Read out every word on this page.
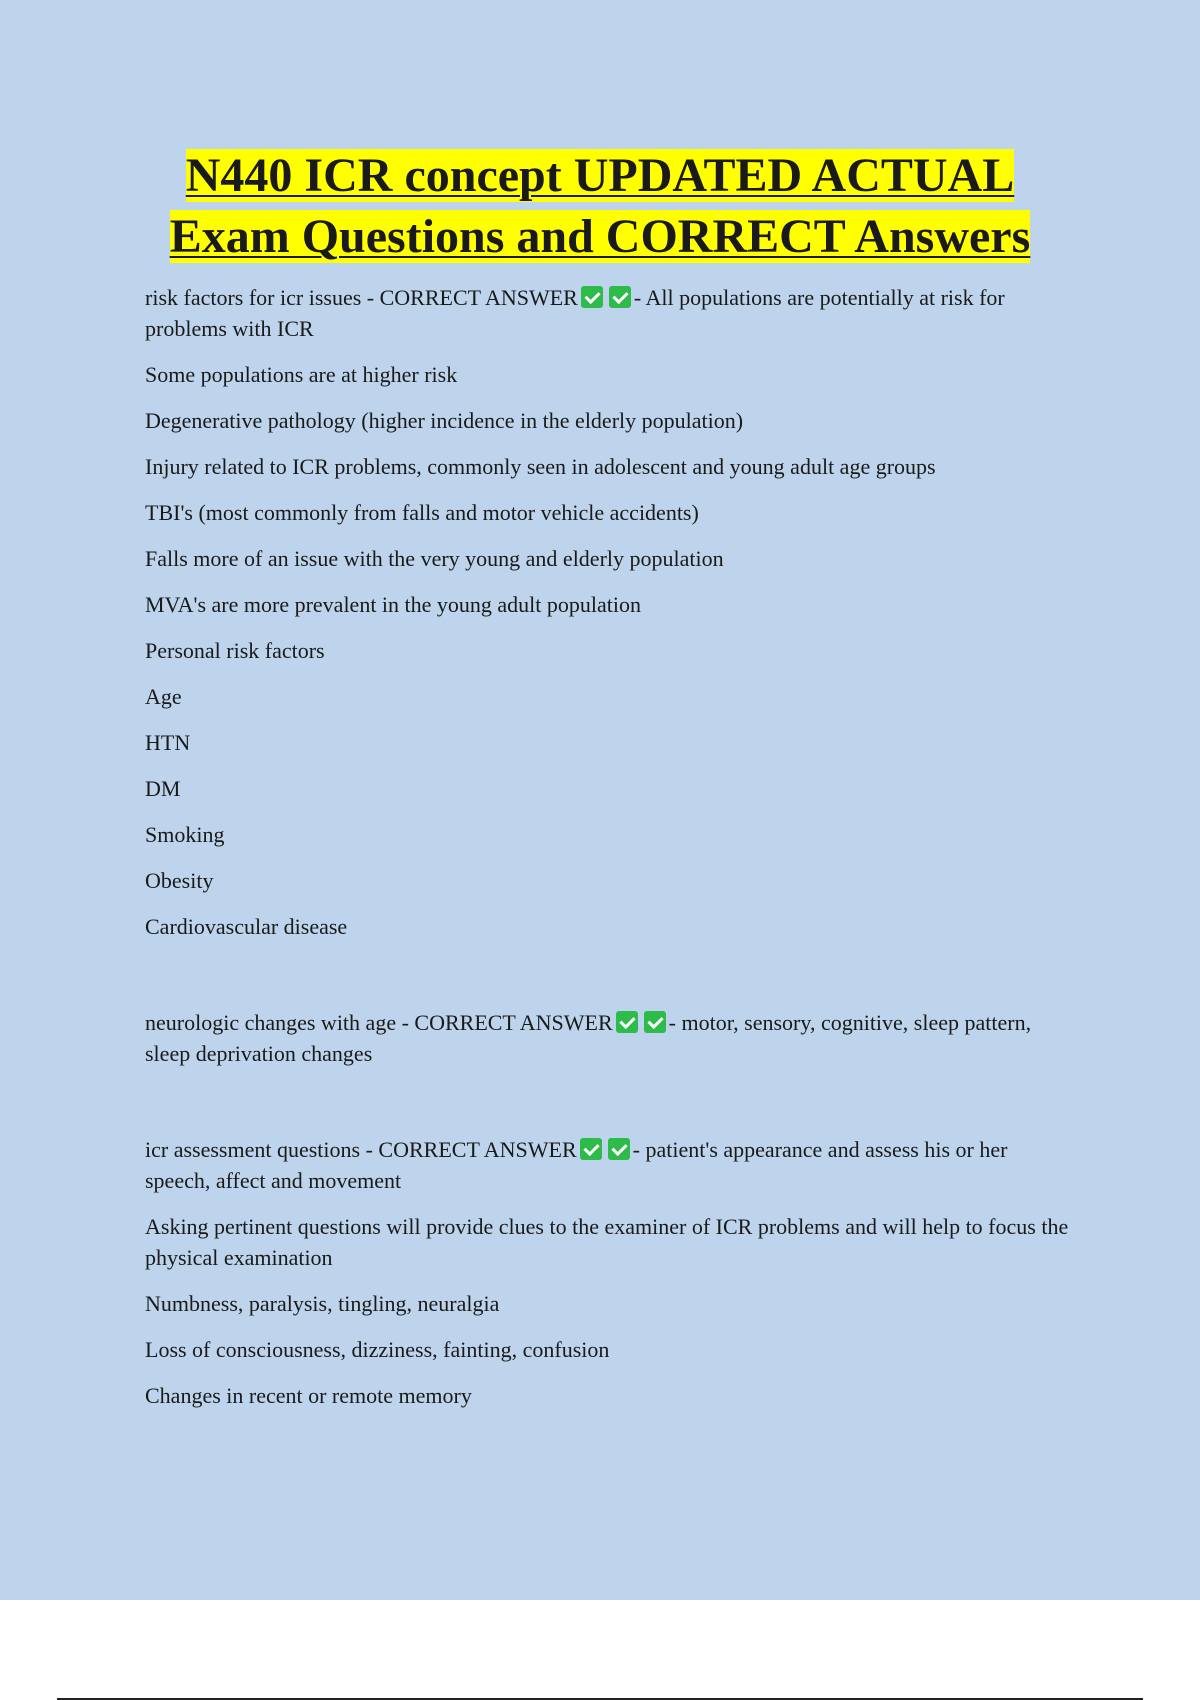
N440 ICR concept UPDATED ACTUAL
Exam Questions and CORRECT Answers

risk factors for icr issues - CORRECT ANSWER	- All populations are potentially at risk for problems with ICR

Some populations are at higher risk

Degenerative pathology (higher incidence in the elderly population)

Injury related to ICR problems, commonly seen in adolescent and young adult age groups

TBI's (most commonly from falls and motor vehicle accidents)

Falls more of an issue with the very young and elderly population

MVA's are more prevalent in the young adult population

Personal risk factors

Age

HTN

DM

Smoking

Obesity

Cardiovascular disease

neurologic changes with age - CORRECT ANSWER	- motor, sensory, cognitive, sleep pattern, sleep deprivation changes

icr assessment questions - CORRECT ANSWER	- patient's appearance and assess his or her speech, affect and movement

Asking pertinent questions will provide clues to the examiner of ICR problems and will help to focus the physical examination

Numbness, paralysis, tingling, neuralgia

Loss of consciousness, dizziness, fainting, confusion

Changes in recent or remote memory
